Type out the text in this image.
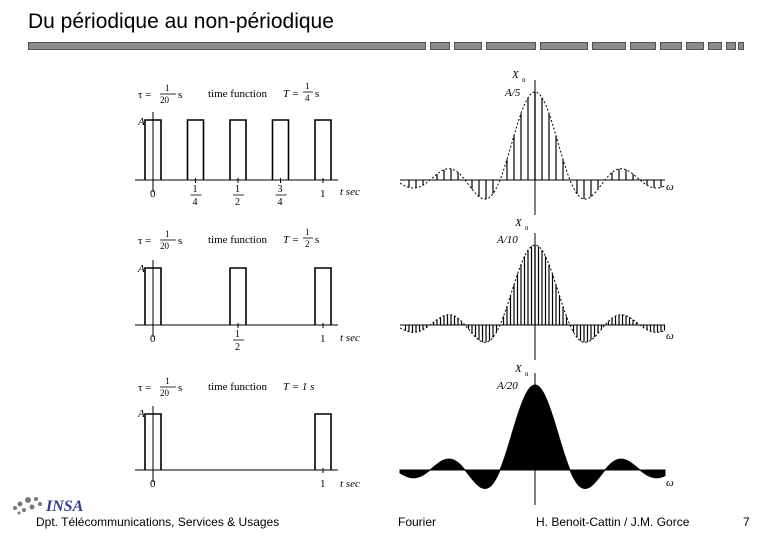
Du périodique au non-périodique
τ =
1
20 s time function T =
1
4 s
A
t sec
X n
A/5
ω
τ =
1
20 s time function T =
1
2 s
A
t sec
X n
A/10
ω
τ =
1
20 s time function T = 1 s
A
t sec
X n
A/20
ω
0	1
4
1
2
3
4
1
0	1
2
1
0	1
INSA
Dpt. Télécommunications, Services & Usages	Fourier	H. Benoit-Cattin / J.M. Gorce	7
